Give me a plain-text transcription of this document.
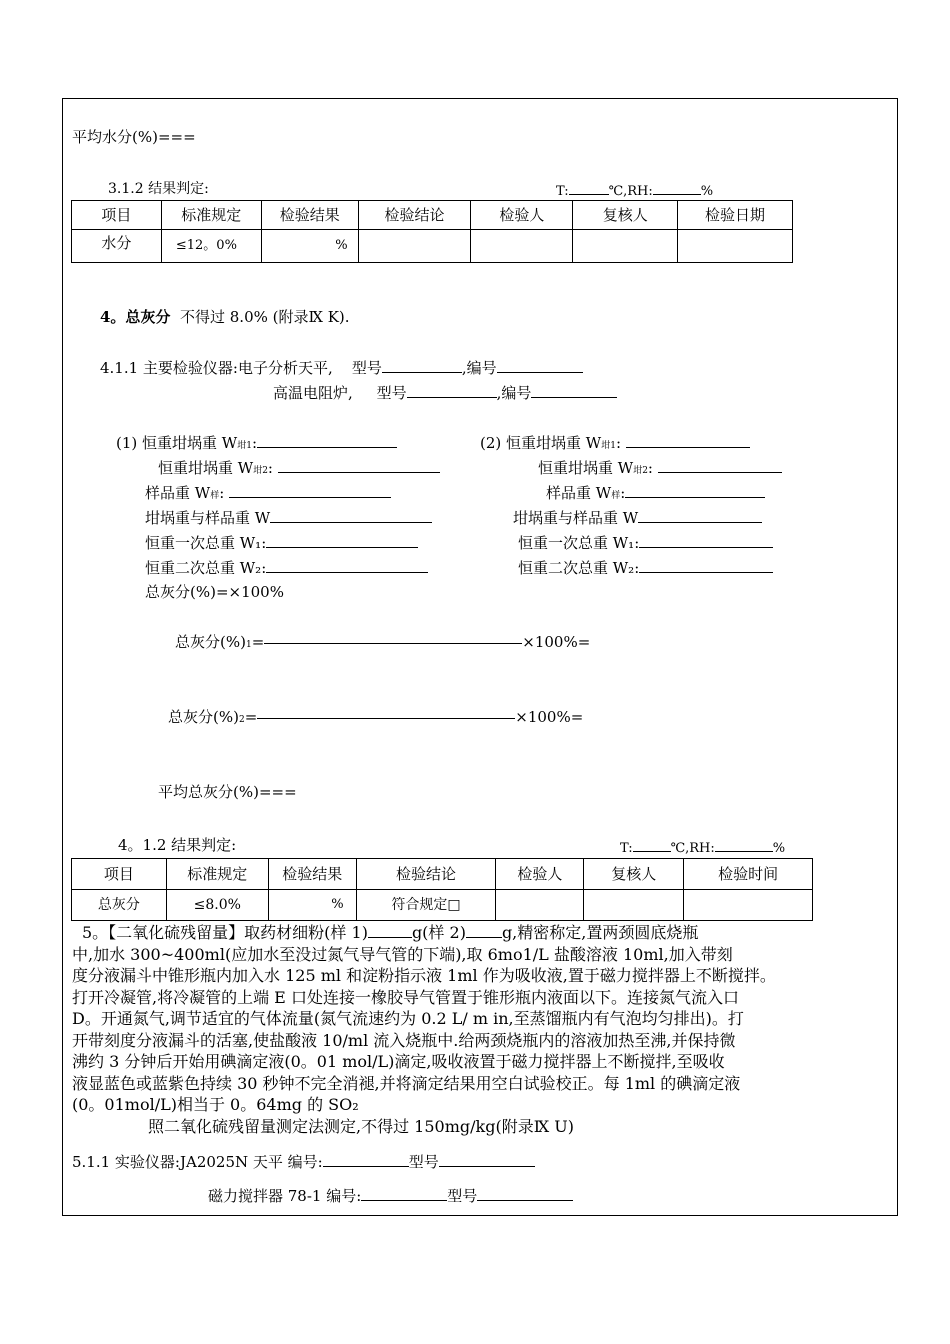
平均水分(%)===
3.1.2 结果判定:	T:	℃,RH:	%
项目	标准规定	检验结果	检验结论	检验人	复核人	检验日期
水分	≤12。0%	%				
4。总灰分 不得过 8.0% (附录Ⅸ K).
4.1.1 主要检验仪器:电子分析天平, 型号	,编号
高温电阻炉, 型号	,编号
(1) 恒重坩埚重 W坩1:
恒重坩埚重 W坩2:
样品重 W样:
坩埚重与样品重 W
恒重一次总重 W₁:
恒重二次总重 W₂:
总灰分(%)=×100%
(2) 恒重坩埚重 W坩1:
恒重坩埚重 W坩2:
样品重 W样:
坩埚重与样品重 W
恒重一次总重 W₁:
恒重二次总重 W₂:
总灰分(%)1=	×100%=
总灰分(%)2=	×100%=
平均总灰分(%)===
4。1.2 结果判定:	T:	℃,RH:	%
项目	标准规定	检验结果	检验结论	检验人	复核人	检验时间
总灰分	≤8.0%	%	符合规定□			

5。【二氧化硫残留量】取药材细粉(样 1)	g(样 2) g,精密称定,置两颈圆底烧瓶

中,加水 300~400ml(应加水至没过氮气导气管的下端),取 6mo1/L 盐酸溶液 10ml,加入带刻

度分液漏斗中锥形瓶内加入水 125 ml 和淀粉指示液 1ml 作为吸收液,置于磁力搅拌器上不断搅拌。

打开冷凝管,将冷凝管的上端 E 口处连接一橡胶导气管置于锥形瓶内液面以下。连接氮气流入口

D。开通氮气,调节适宜的气体流量(氮气流速约为 0.2 L/ m in,至蒸馏瓶内有气泡均匀排出)。打

开带刻度分液漏斗的活塞,使盐酸液 10/ml 流入烧瓶中.给两颈烧瓶内的溶液加热至沸,并保持微

沸约 3 分钟后开始用碘滴定液(0。01 mol/L)滴定,吸收液置于磁力搅拌器上不断搅拌,至吸收

液显蓝色或蓝紫色持续 30 秒钟不完全消褪,并将滴定结果用空白试验校正。每 1ml 的碘滴定液

(0。01mol/L)相当于 0。64mg 的 SO₂

照二氧化硫残留量测定法测定,不得过 150mg/kg(附录Ⅸ U)

5.1.1 实验仪器:JA2025N 天平 编号:	型号
磁力搅拌器 78-1 编号:	型号
